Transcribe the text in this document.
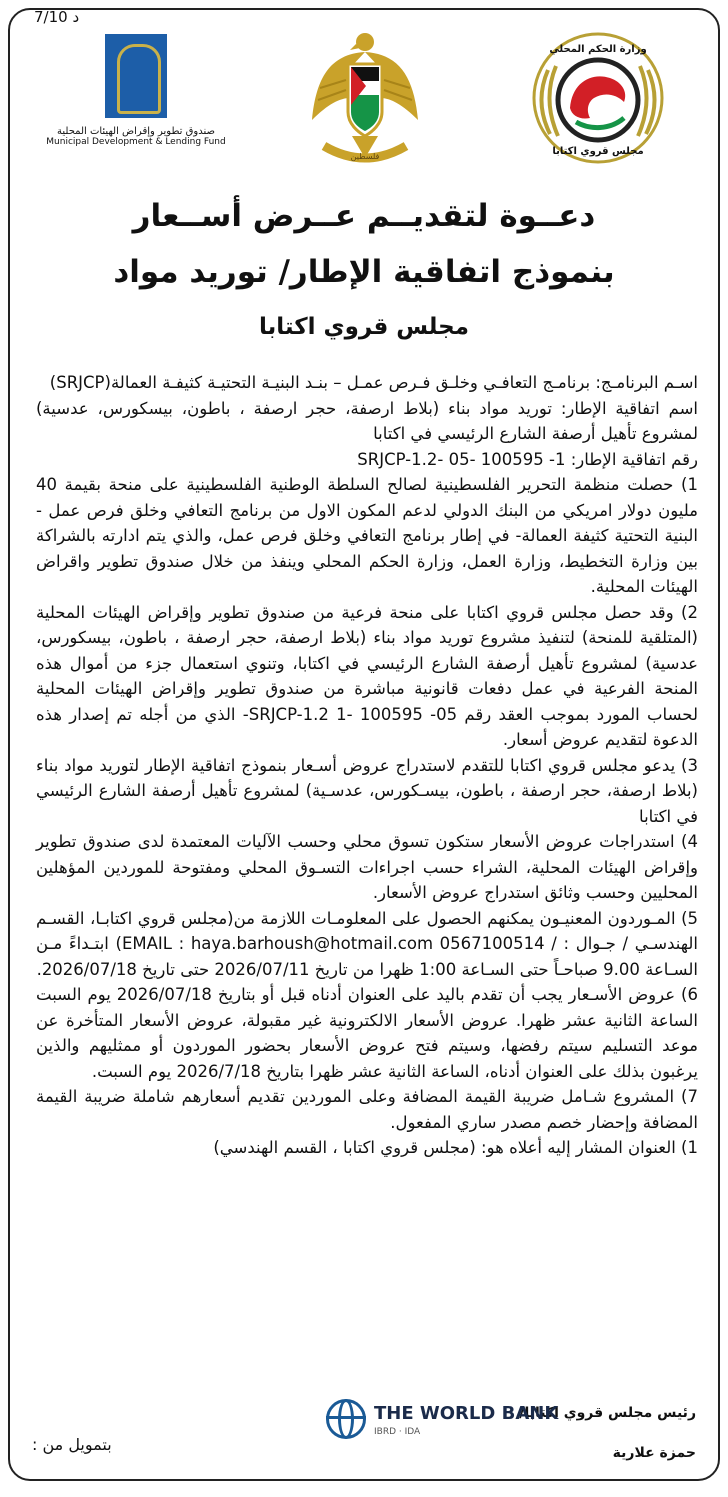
7/10 د
صندوق تطوير وإقراض الهيئات المحلية
Municipal Development & Lending Fund
فلسطين
وزارة الحكم المحلي
مجلس قروي اكتابا
دعــوة لتقديــم عــرض أســعار
بنموذج اتفاقية الإطار/ توريد مواد
مجلس قروي اكتابا

اسـم البرنامـج: برنامـج التعافـي وخلـق فـرص عمـل – بنـد البنيـة التحتيـة كثيفـة العمالة(SRJCP)

اسم اتفاقية الإطار: توريد مواد بناء (بلاط ارصفة، حجر ارصفة ، باطون، بيسكورس، عدسية) لمشروع تأهيل أرصفة الشارع الرئيسي في اكتابا

رقم اتفاقية الإطار: 1- 100595 -05 -SRJCP-1.2

1) حصلت منظمة التحرير الفلسطينية لصالح السلطة الوطنية الفلسطينية على منحة بقيمة 40 مليون دولار امريكي من البنك الدولي لدعم المكون الاول من برنامج التعافي وخلق فرص عمل - البنية التحتية كثيفة العمالة- في إطار برنامج التعافي وخلق فرص عمل، والذي يتم ادارته بالشراكة بين وزارة التخطيط، وزارة العمل، وزارة الحكم المحلي وينفذ من خلال صندوق تطوير واقراض الهيئات المحلية.

2) وقد حصل مجلس قروي اكتابا على منحة فرعية من صندوق تطوير وإقراض الهيئات المحلية (المتلقية للمنحة) لتنفيذ مشروع توريد مواد بناء (بلاط ارصفة، حجر ارصفة ، باطون، بيسكورس، عدسية) لمشروع تأهيل أرصفة الشارع الرئيسي في اكتابا، وتنوي استعمال جزء من أموال هذه المنحة الفرعية في عمل دفعات قانونية مباشرة من صندوق تطوير وإقراض الهيئات المحلية لحساب المورد بموجب العقد رقم 05- SRJCP-1.2 1- 100595- الذي من أجله تم إصدار هذه الدعوة لتقديم عروض أسعار.

3) يدعو مجلس قروي اكتابا للتقدم لاستدراج عروض أسـعار بنموذج اتفاقية الإطار لتوريد مواد بناء (بلاط ارصفة، حجر ارصفة ، باطون، بيسـكورس، عدسـية) لمشروع تأهيل أرصفة الشارع الرئيسي في اكتابا

4) استدراجات عروض الأسعار ستكون تسوق محلي وحسب الآليات المعتمدة لدى صندوق تطوير وإقراض الهيئات المحلية، الشراء حسب اجراءات التسـوق المحلي ومفتوحة للموردين المؤهلين المحليين وحسب وثائق استدراج عروض الأسعار.

5) المـوردون المعنيـون يمكنهم الحصول على المعلومـات اللازمة من(مجلس قروي اكتابـا، القسـم الهندسـي / جـوال : / EMAIL : haya.barhoush@hotmail.com 0567100514) ابتـداءً مـن السـاعة 9.00 صباحـاً حتى السـاعة 1:00 ظهرا من تاريخ 2026/07/11 حتى تاريخ 2026/07/18.

6) عروض الأسـعار يجب أن تقدم باليد على العنوان أدناه قبل أو بتاريخ 2026/07/18 يوم السبت الساعة الثانية عشر ظهرا. عروض الأسعار الالكترونية غير مقبولة، عروض الأسعار المتأخرة عن موعد التسليم سيتم رفضها، وسيتم فتح عروض الأسعار بحضور الموردون أو ممثليهم والذين يرغبون بذلك على العنوان أدناه، الساعة الثانية عشر ظهرا بتاريخ 2026/7/18 يوم السبت.

7) المشروع شـامل ضريبة القيمة المضافة وعلى الموردين تقديم أسعارهم شاملة ضريبة القيمة المضافة وإحضار خصم مصدر ساري المفعول.

1) العنوان المشار إليه أعلاه هو: (مجلس قروي اكتابا ، القسم الهندسي)

رئيس مجلس قروي اكتابا/
حمزة علارية
THE WORLD BANK
IBRD · IDA
بتمويل من :
